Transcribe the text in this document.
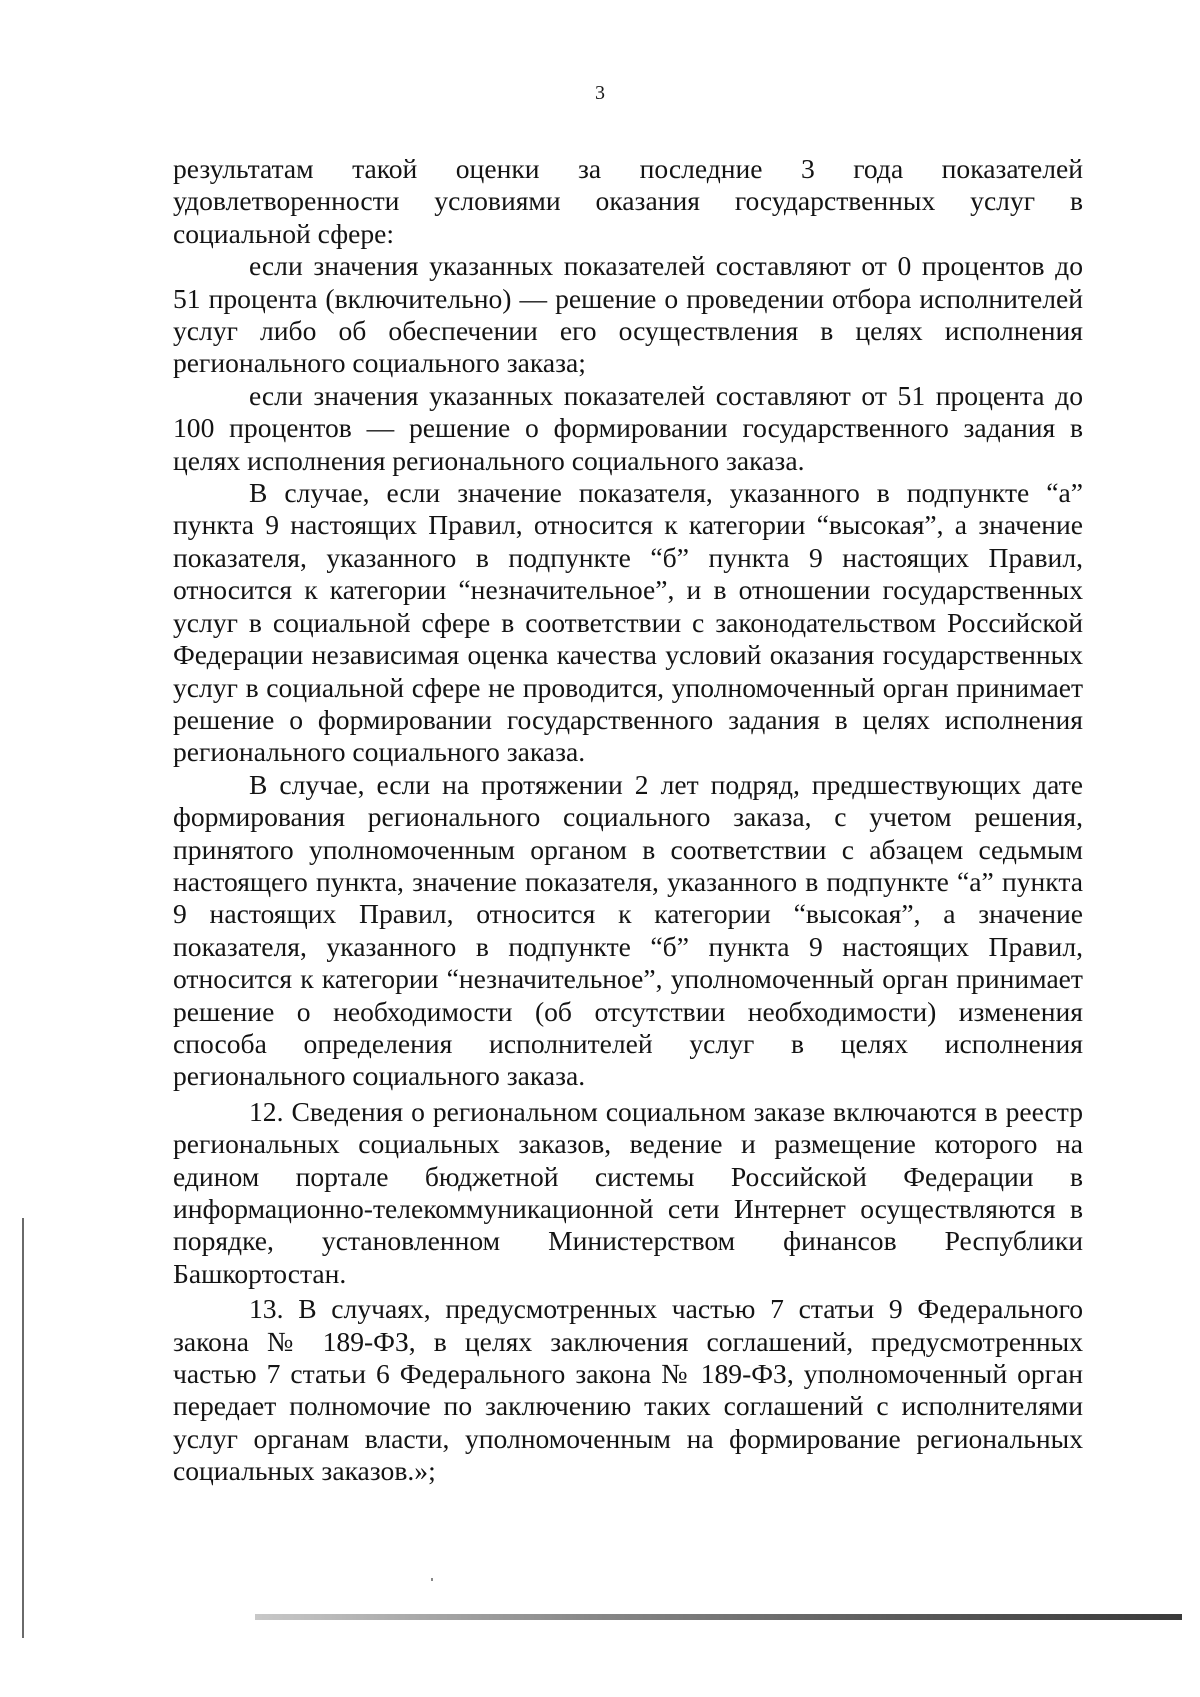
3

результатам такой оценки за последние 3 года показателей удовлетворенности условиями оказания государственных услуг в социальной сфере:

если значения указанных показателей составляют от 0 процентов до 51 процента (включительно) — решение о проведении отбора исполнителей услуг либо об обеспечении его осуществления в целях исполнения регионального социального заказа;

если значения указанных показателей составляют от 51 процента до 100 процентов — решение о формировании государственного задания в целях исполнения регионального социального заказа.

В случае, если значение показателя, указанного в подпункте “а” пункта 9 настоящих Правил, относится к категории “высокая”, а значение показателя, указанного в подпункте “б” пункта 9 настоящих Правил, относится к категории “незначительное”, и в отношении государственных услуг в социальной сфере в соответствии с законодательством Российской Федерации независимая оценка качества условий оказания государственных услуг в социальной сфере не проводится, уполномоченный орган принимает решение о формировании государственного задания в целях исполнения регионального социального заказа.

В случае, если на протяжении 2 лет подряд, предшествующих дате формирования регионального социального заказа, с учетом решения, принятого уполномоченным органом в соответствии с абзацем седьмым настоящего пункта, значение показателя, указанного в подпункте “а” пункта 9 настоящих Правил, относится к категории “высокая”, а значение показателя, указанного в подпункте “б” пункта 9 настоящих Правил, относится к категории “незначительное”, уполномоченный орган принимает решение о необходимости (об отсутствии необходимости) изменения способа определения исполнителей услуг в целях исполнения регионального социального заказа.

12. Сведения о региональном социальном заказе включаются в реестр региональных социальных заказов, ведение и размещение которого на едином портале бюджетной системы Российской Федерации в информационно-телекоммуникационной сети Интернет осуществляются в порядке, установленном Министерством финансов Республики Башкортостан.

13. В случаях, предусмотренных частью 7 статьи 9 Федерального закона № 189-ФЗ, в целях заключения соглашений, предусмотренных частью 7 статьи 6 Федерального закона № 189-ФЗ, уполномоченный орган передает полномочие по заключению таких соглашений с исполнителями услуг органам власти, уполномоченным на формирование региональных социальных заказов.»;
